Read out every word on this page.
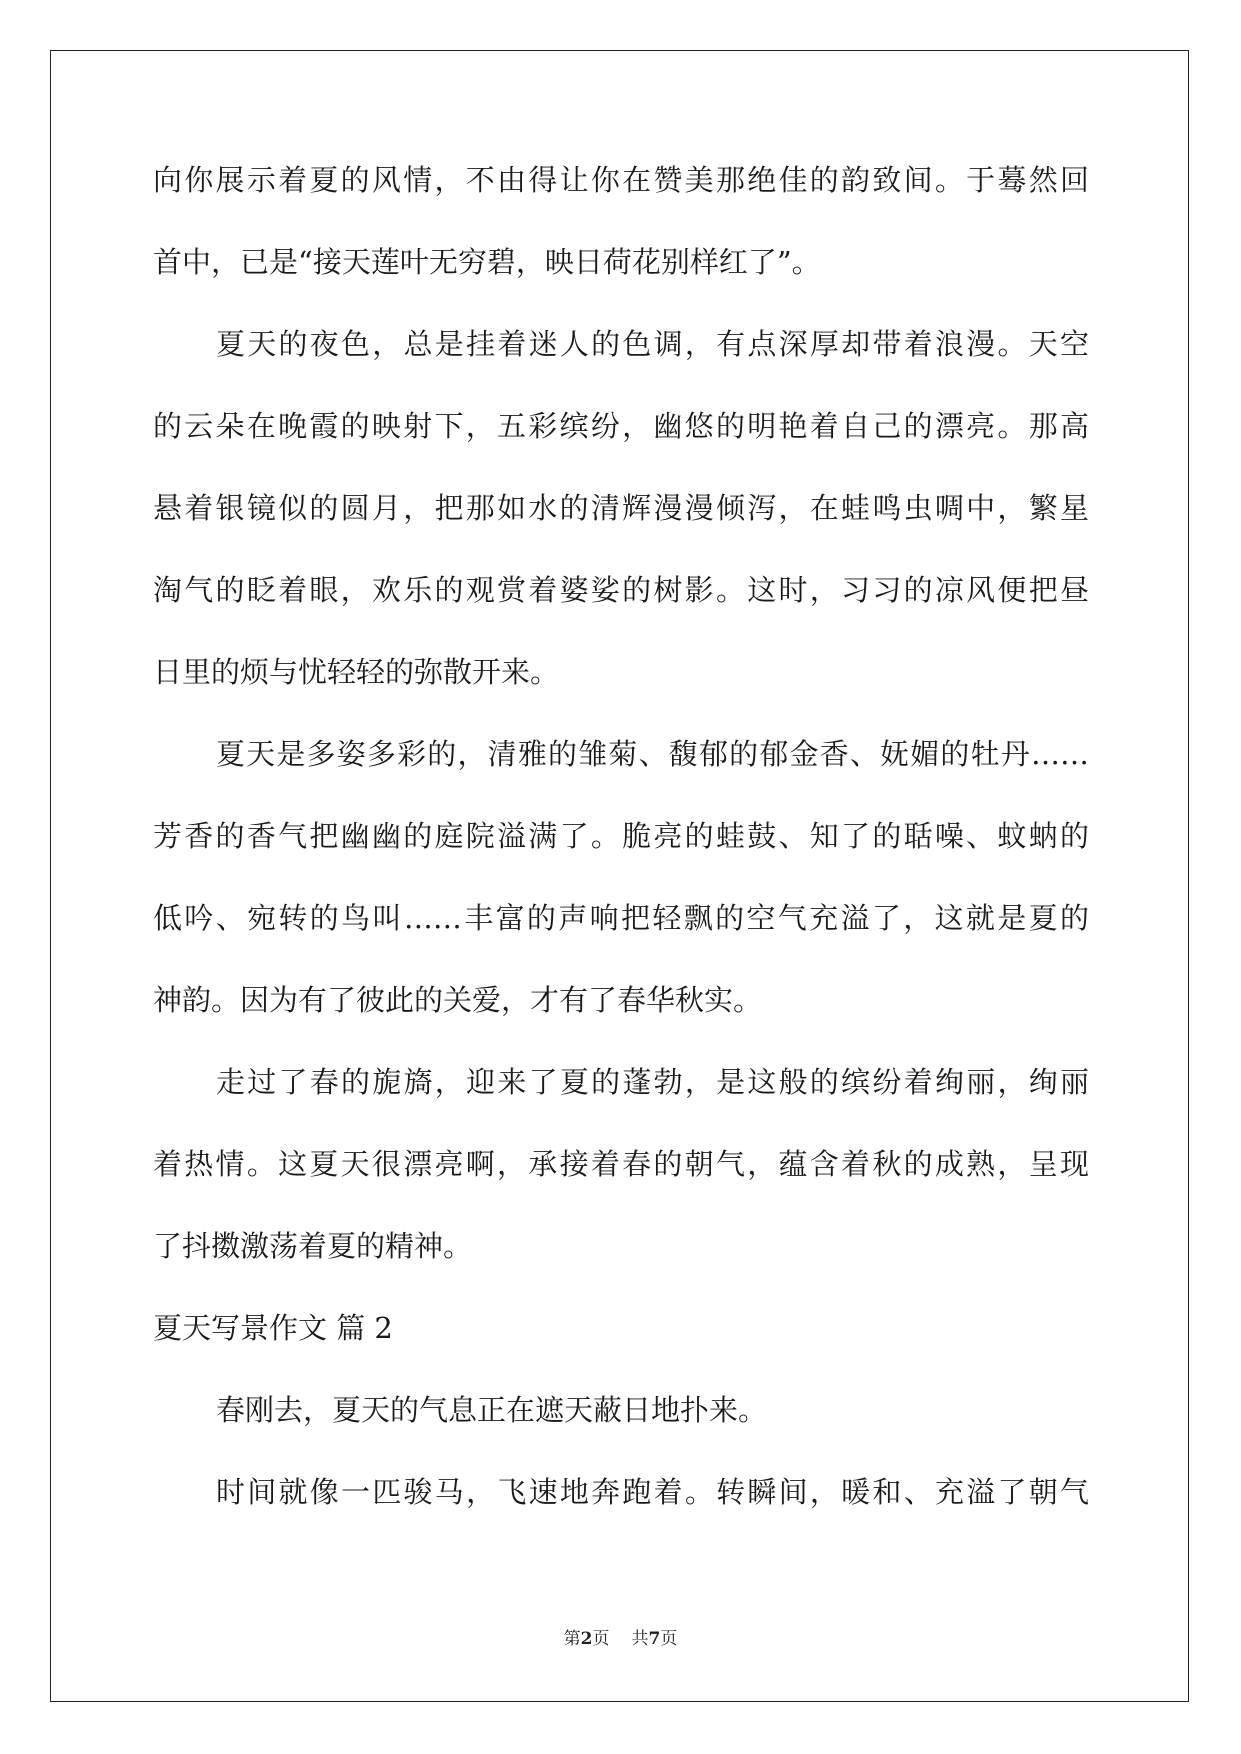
向你展示着夏的风情，不由得让你在赞美那绝佳的韵致间。于蓦然回
首中，已是“接天莲叶无穷碧，映日荷花别样红了”。
夏天的夜色，总是挂着迷人的色调，有点深厚却带着浪漫。天空
的云朵在晚霞的映射下，五彩缤纷，幽悠的明艳着自己的漂亮。那高
悬着银镜似的圆月，把那如水的清辉漫漫倾泻，在蛙鸣虫啁中，繁星
淘气的眨着眼，欢乐的观赏着婆娑的树影。这时，习习的凉风便把昼
日里的烦与忧轻轻的弥散开来。
夏天是多姿多彩的，清雅的雏菊、馥郁的郁金香、妩媚的牡丹……
芳香的香气把幽幽的庭院溢满了。脆亮的蛙鼓、知了的聒噪、蚊蚋的
低吟、宛转的鸟叫……丰富的声响把轻飘的空气充溢了，这就是夏的
神韵。因为有了彼此的关爱，才有了春华秋实。
走过了春的旎旖，迎来了夏的蓬勃，是这般的缤纷着绚丽，绚丽
着热情。这夏天很漂亮啊，承接着春的朝气，蕴含着秋的成熟，呈现
了抖擞激荡着夏的精神。
夏天写景作文 篇 2
春刚去，夏天的气息正在遮天蔽日地扑来。
时间就像一匹骏马，飞速地奔跑着。转瞬间，暖和、充溢了朝气
第2页 共7页
